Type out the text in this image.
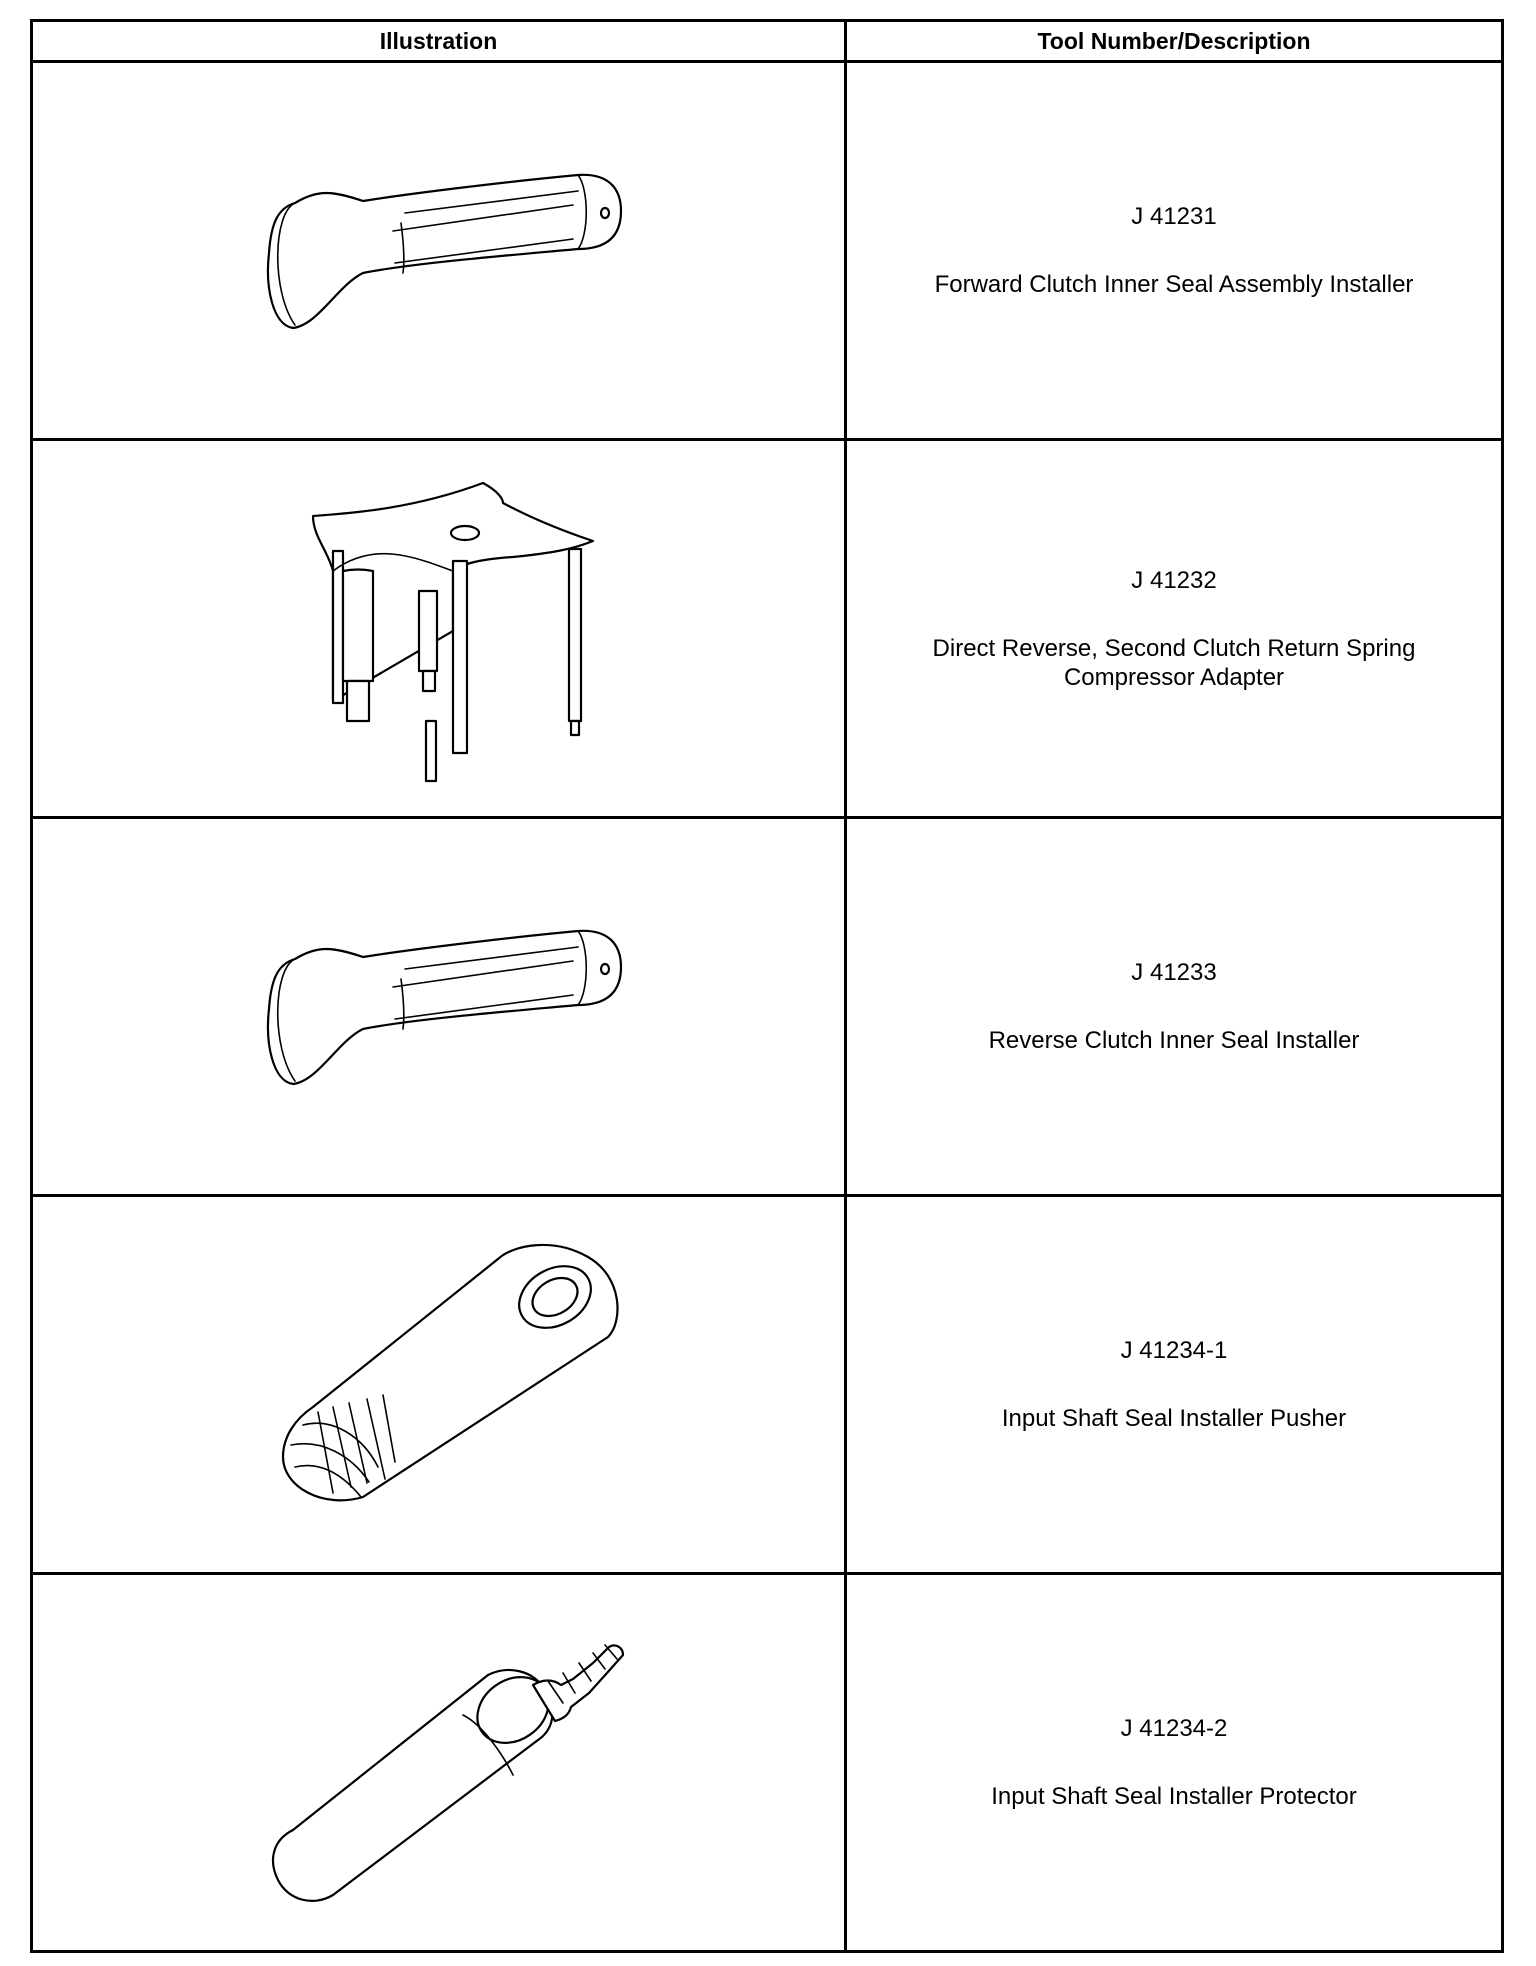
Illustration	Tool Number/Description

J 41231
Forward Clutch Inner Seal Assembly Installer

J 41232
Direct Reverse, Second Clutch Return Spring Compressor Adapter

J 41233
Reverse Clutch Inner Seal Installer

J 41234-1
Input Shaft Seal Installer Pusher

J 41234-2
Input Shaft Seal Installer Protector
